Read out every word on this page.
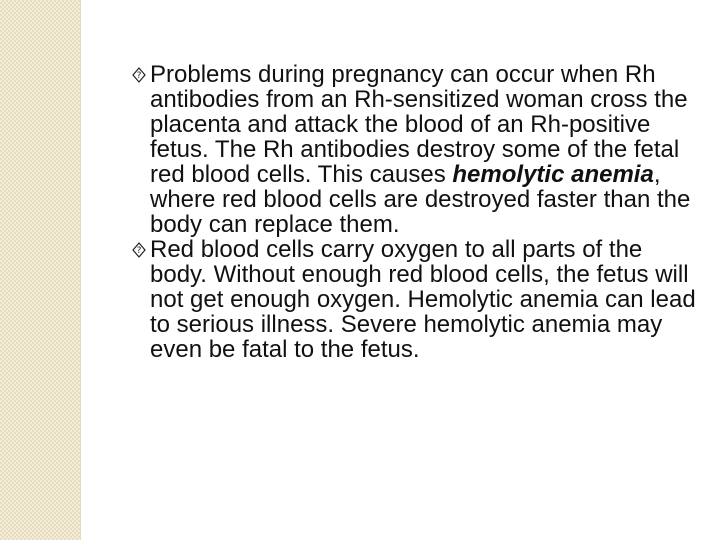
? Problems during pregnancy can occur when Rh antibodies from an Rh-sensitized woman cross the placenta and attack the blood of an Rh-positive fetus. The Rh antibodies destroy some of the fetal red blood cells. This causes hemolytic anemia, where red blood cells are destroyed faster than the body can replace them.

? Red blood cells carry oxygen to all parts of the body. Without enough red blood cells, the fetus will not get enough oxygen. Hemolytic anemia can lead to serious illness. Severe hemolytic anemia may even be fatal to the fetus.
